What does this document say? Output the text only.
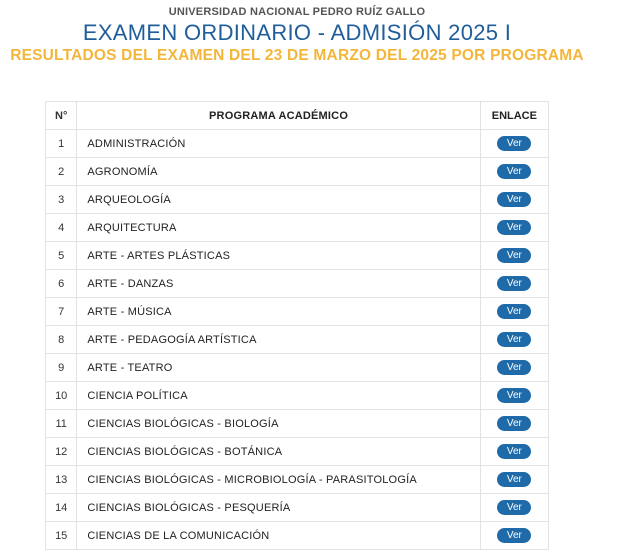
UNIVERSIDAD NACIONAL PEDRO RUÍZ GALLO
EXAMEN ORDINARIO - ADMISIÓN 2025 I
RESULTADOS DEL EXAMEN DEL 23 DE MARZO DEL 2025 POR PROGRAMA
N°	PROGRAMA ACADÉMICO	ENLACE
1	ADMINISTRACIÓN	Ver
2	AGRONOMÍA	Ver
3	ARQUEOLOGÍA	Ver
4	ARQUITECTURA	Ver
5	ARTE - ARTES PLÁSTICAS	Ver
6	ARTE - DANZAS	Ver
7	ARTE - MÚSICA	Ver
8	ARTE - PEDAGOGÍA ARTÍSTICA	Ver
9	ARTE - TEATRO	Ver
10	CIENCIA POLÍTICA	Ver
11	CIENCIAS BIOLÓGICAS - BIOLOGÍA	Ver
12	CIENCIAS BIOLÓGICAS - BOTÁNICA	Ver
13	CIENCIAS BIOLÓGICAS - MICROBIOLOGÍA - PARASITOLOGÍA	Ver
14	CIENCIAS BIOLÓGICAS - PESQUERÍA	Ver
15	CIENCIAS DE LA COMUNICACIÓN	Ver
